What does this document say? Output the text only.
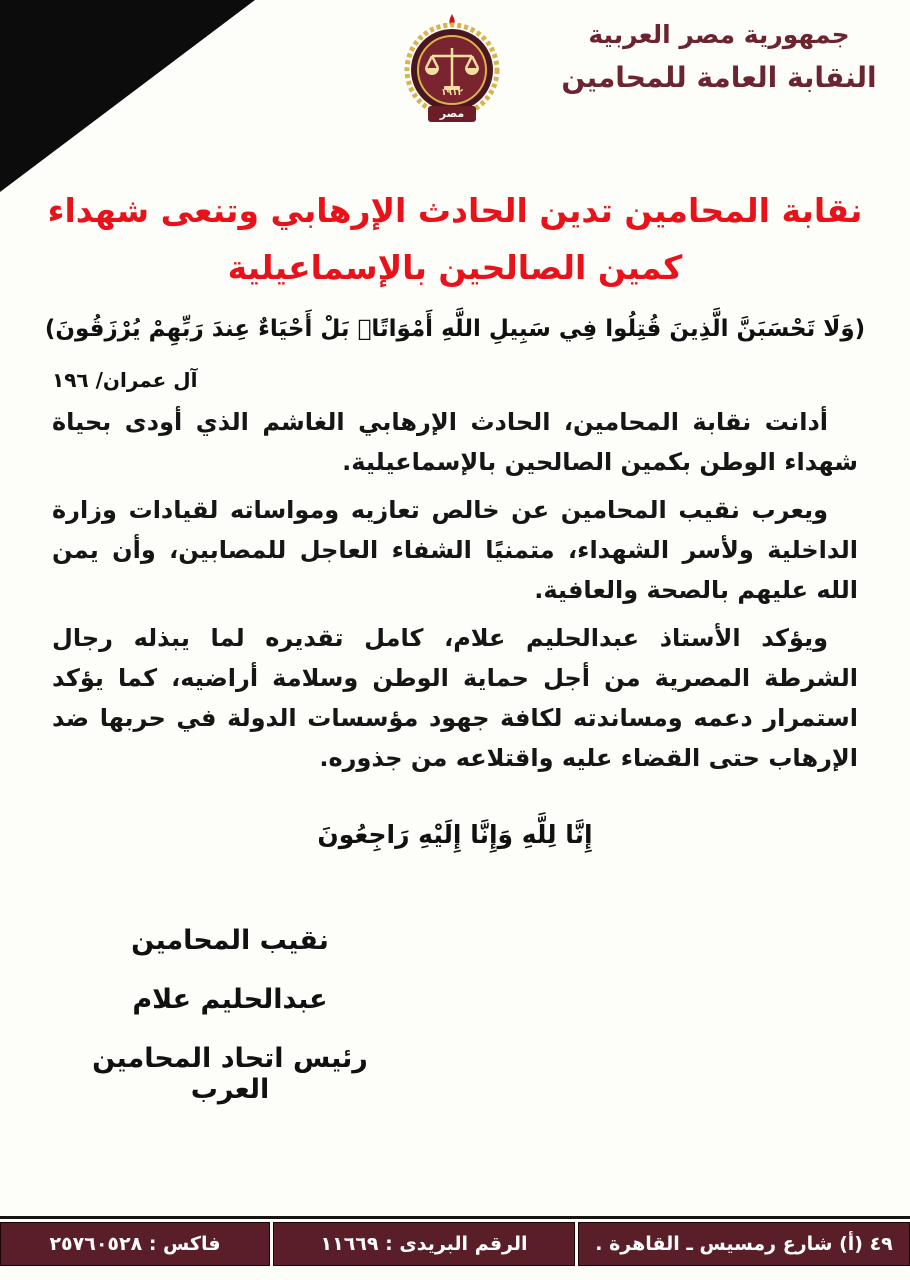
١٩١٢
مصر
جمهورية مصر العربية
النقابة العامة للمحامين
نقابة المحامين تدين الحادث الإرهابي وتنعى شهداء
كمين الصالحين بالإسماعيلية
(وَلَا تَحْسَبَنَّ الَّذِينَ قُتِلُوا فِي سَبِيلِ اللَّهِ أَمْوَاتًاۚ بَلْ أَحْيَاءٌ عِندَ رَبِّهِمْ يُرْزَقُونَ)
آل عمران/ ١٩٦

أدانت نقابة المحامين، الحادث الإرهابي الغاشم الذي أودى بحياة شهداء الوطن بكمين الصالحين بالإسماعيلية.

ويعرب نقيب المحامين عن خالص تعازيه ومواساته لقيادات وزارة الداخلية ولأسر الشهداء، متمنيًا الشفاء العاجل للمصابين، وأن يمن الله عليهم بالصحة والعافية.

ويؤكد الأستاذ عبدالحليم علام، كامل تقديره لما يبذله رجال الشرطة المصرية من أجل حماية الوطن وسلامة أراضيه، كما يؤكد استمرار دعمه ومساندته لكافة جهود مؤسسات الدولة في حربها ضد الإرهاب حتى القضاء عليه واقتلاعه من جذوره.

إِنَّا لِلَّهِ وَإِنَّا إِلَيْهِ رَاجِعُونَ
نقيب المحامين
عبدالحليم علام
رئيس اتحاد المحامين العرب
٤٩ (أ) شارع رمسيس ـ القاهرة .
الرقم البريدى : ١١٦٦٩
فاكس : ٢٥٧٦٠٥٢٨
